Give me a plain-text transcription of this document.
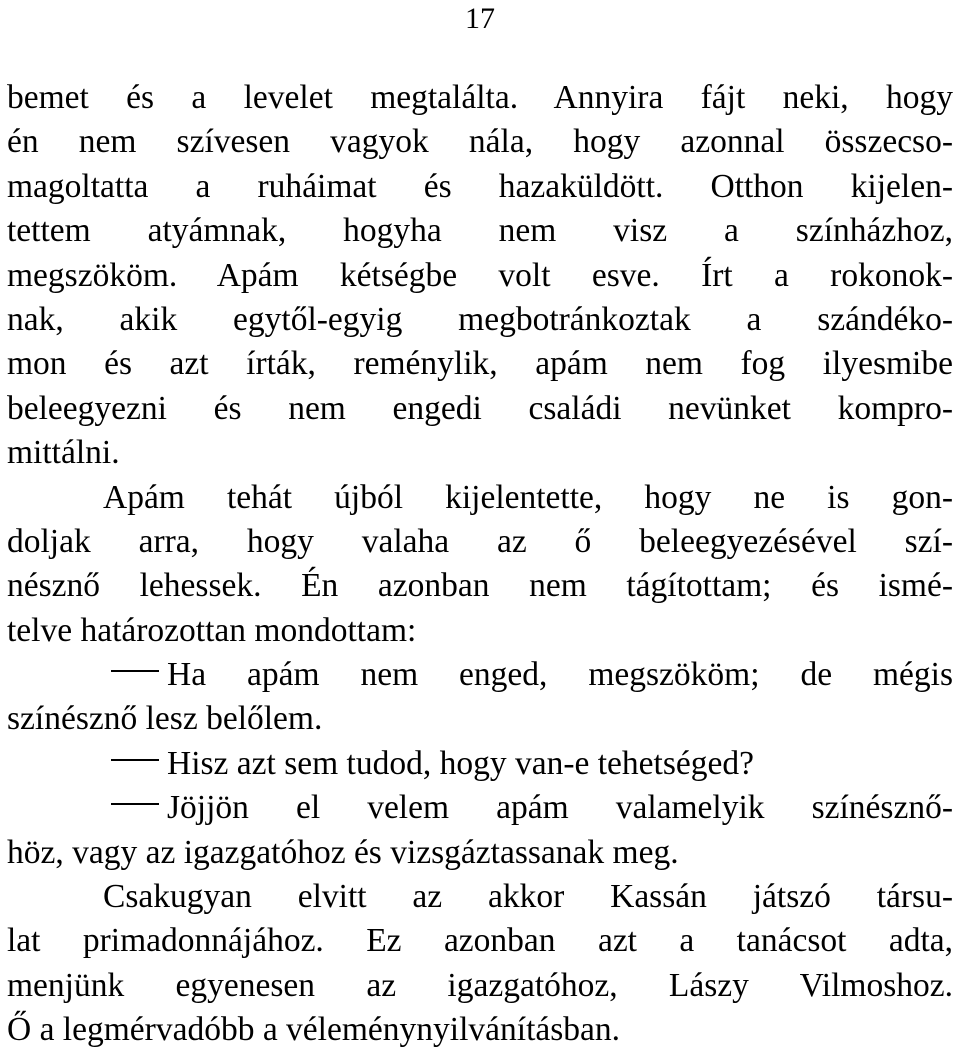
17
bemet és a levelet megtalálta. Annyira fájt neki, hogy
én nem szívesen vagyok nála, hogy azonnal összecso-
magoltatta a ruháimat és hazaküldött. Otthon kijelen-
tettem atyámnak, hogyha nem visz a színházhoz,
megszököm. Apám kétségbe volt esve. Írt a rokonok-
nak, akik egytől-egyig megbotránkoztak a szándéko-
mon és azt írták, reménylik, apám nem fog ilyesmibe
beleegyezni és nem engedi családi nevünket kompro-
mittálni.
Apám tehát újból kijelentette, hogy ne is gon-
doljak arra, hogy valaha az ő beleegyezésével szí-
nésznő lehessek. Én azonban nem tágítottam; és ismé-
telve határozottan mondottam:
Ha apám nem enged, megszököm; de mégis
színésznő lesz belőlem.
Hisz azt sem tudod, hogy van-e tehetséged?
Jöjjön el velem apám valamelyik színésznő-
höz, vagy az igazgatóhoz és vizsgáztassanak meg.
Csakugyan elvitt az akkor Kassán játszó társu-
lat primadonnájához. Ez azonban azt a tanácsot adta,
menjünk egyenesen az igazgatóhoz, Lászy Vilmoshoz.
Ő a legmérvadóbb a véleménynyilvánításban.
